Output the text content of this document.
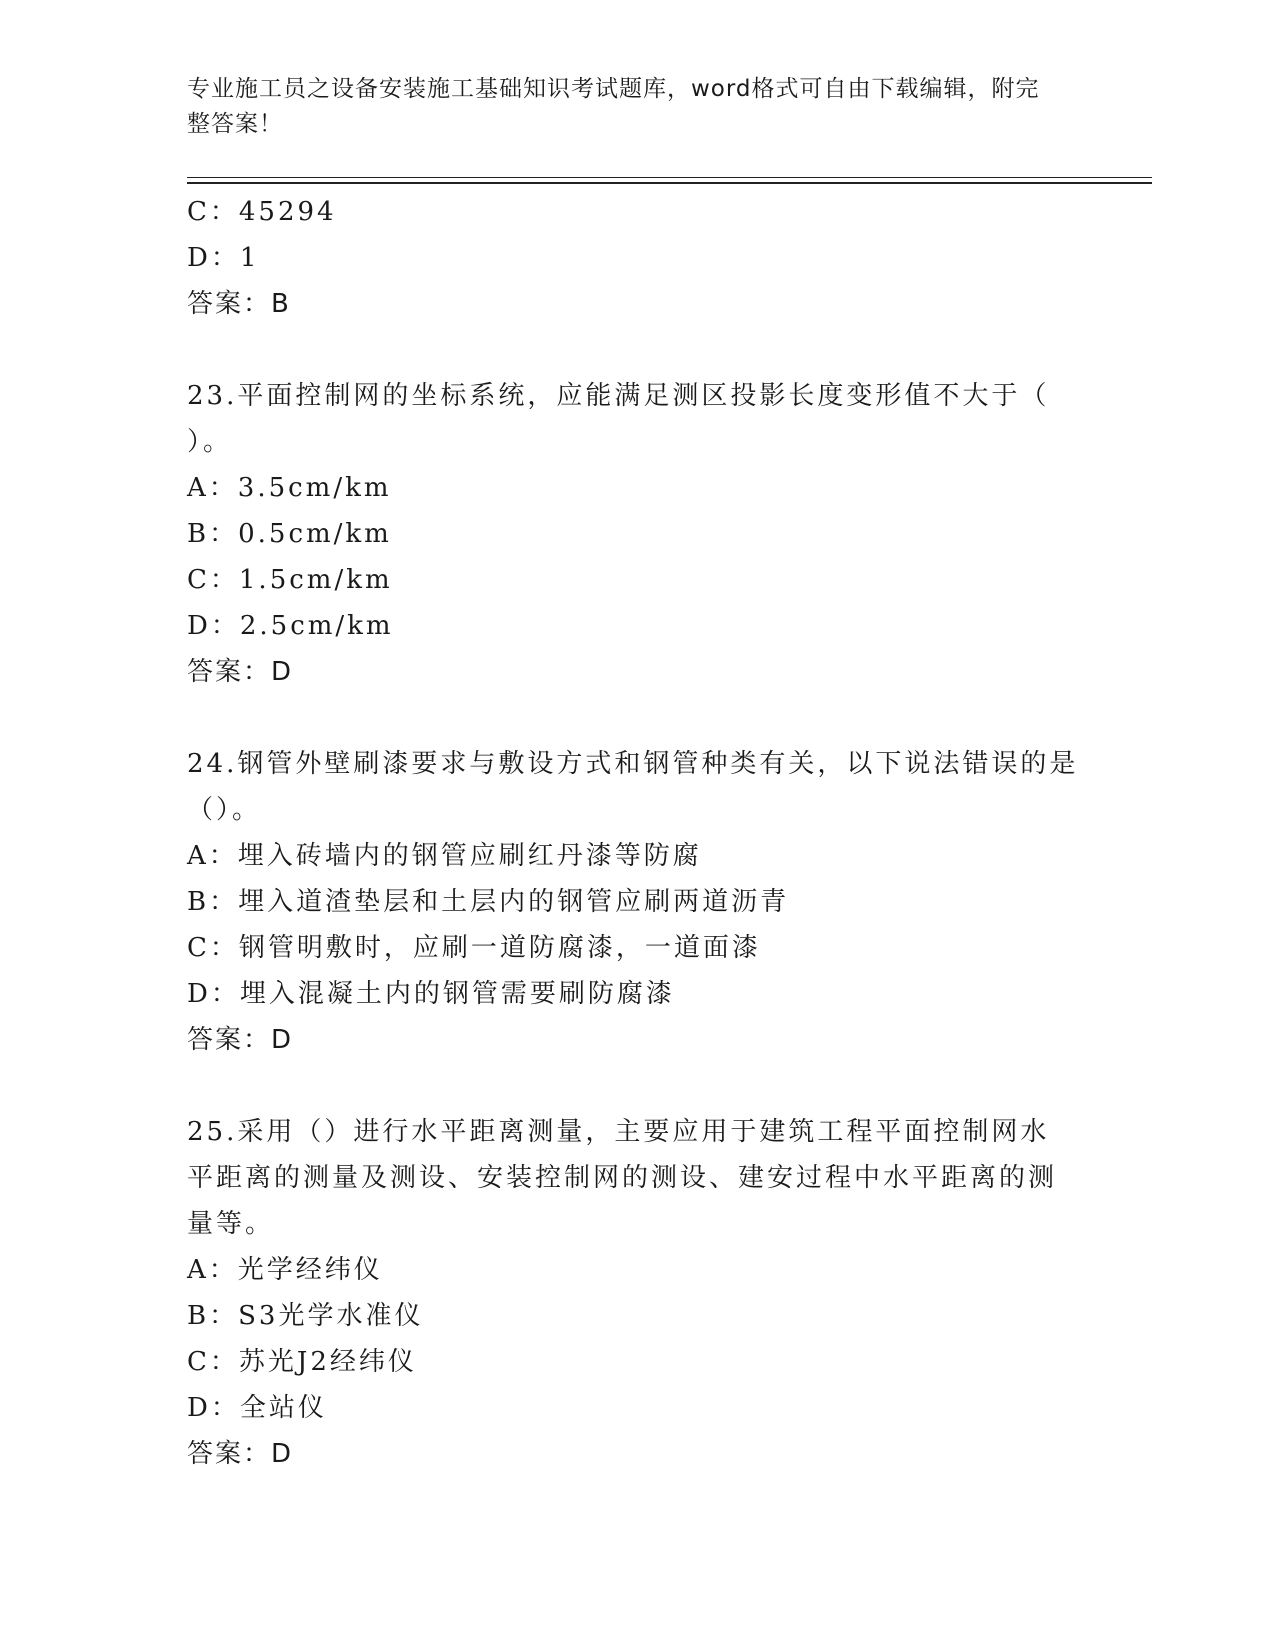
专业施工员之设备安装施工基础知识考试题库，word格式可自由下载编辑，附完
整答案！
C：45294
D：1
答案：B
23.平面控制网的坐标系统，应能满足测区投影长度变形值不大于（
）。
A：3.5cm/km
B：0.5cm/km
C：1.5cm/km
D：2.5cm/km
答案：D
24.钢管外壁刷漆要求与敷设方式和钢管种类有关，以下说法错误的是
（）。
A：埋入砖墙内的钢管应刷红丹漆等防腐
B：埋入道渣垫层和土层内的钢管应刷两道沥青
C：钢管明敷时，应刷一道防腐漆，一道面漆
D：埋入混凝土内的钢管需要刷防腐漆
答案：D
25.采用（）进行水平距离测量，主要应用于建筑工程平面控制网水
平距离的测量及测设、安装控制网的测设、建安过程中水平距离的测
量等。
A：光学经纬仪
B：S3光学水准仪
C：苏光J2经纬仪
D：全站仪
答案：D
